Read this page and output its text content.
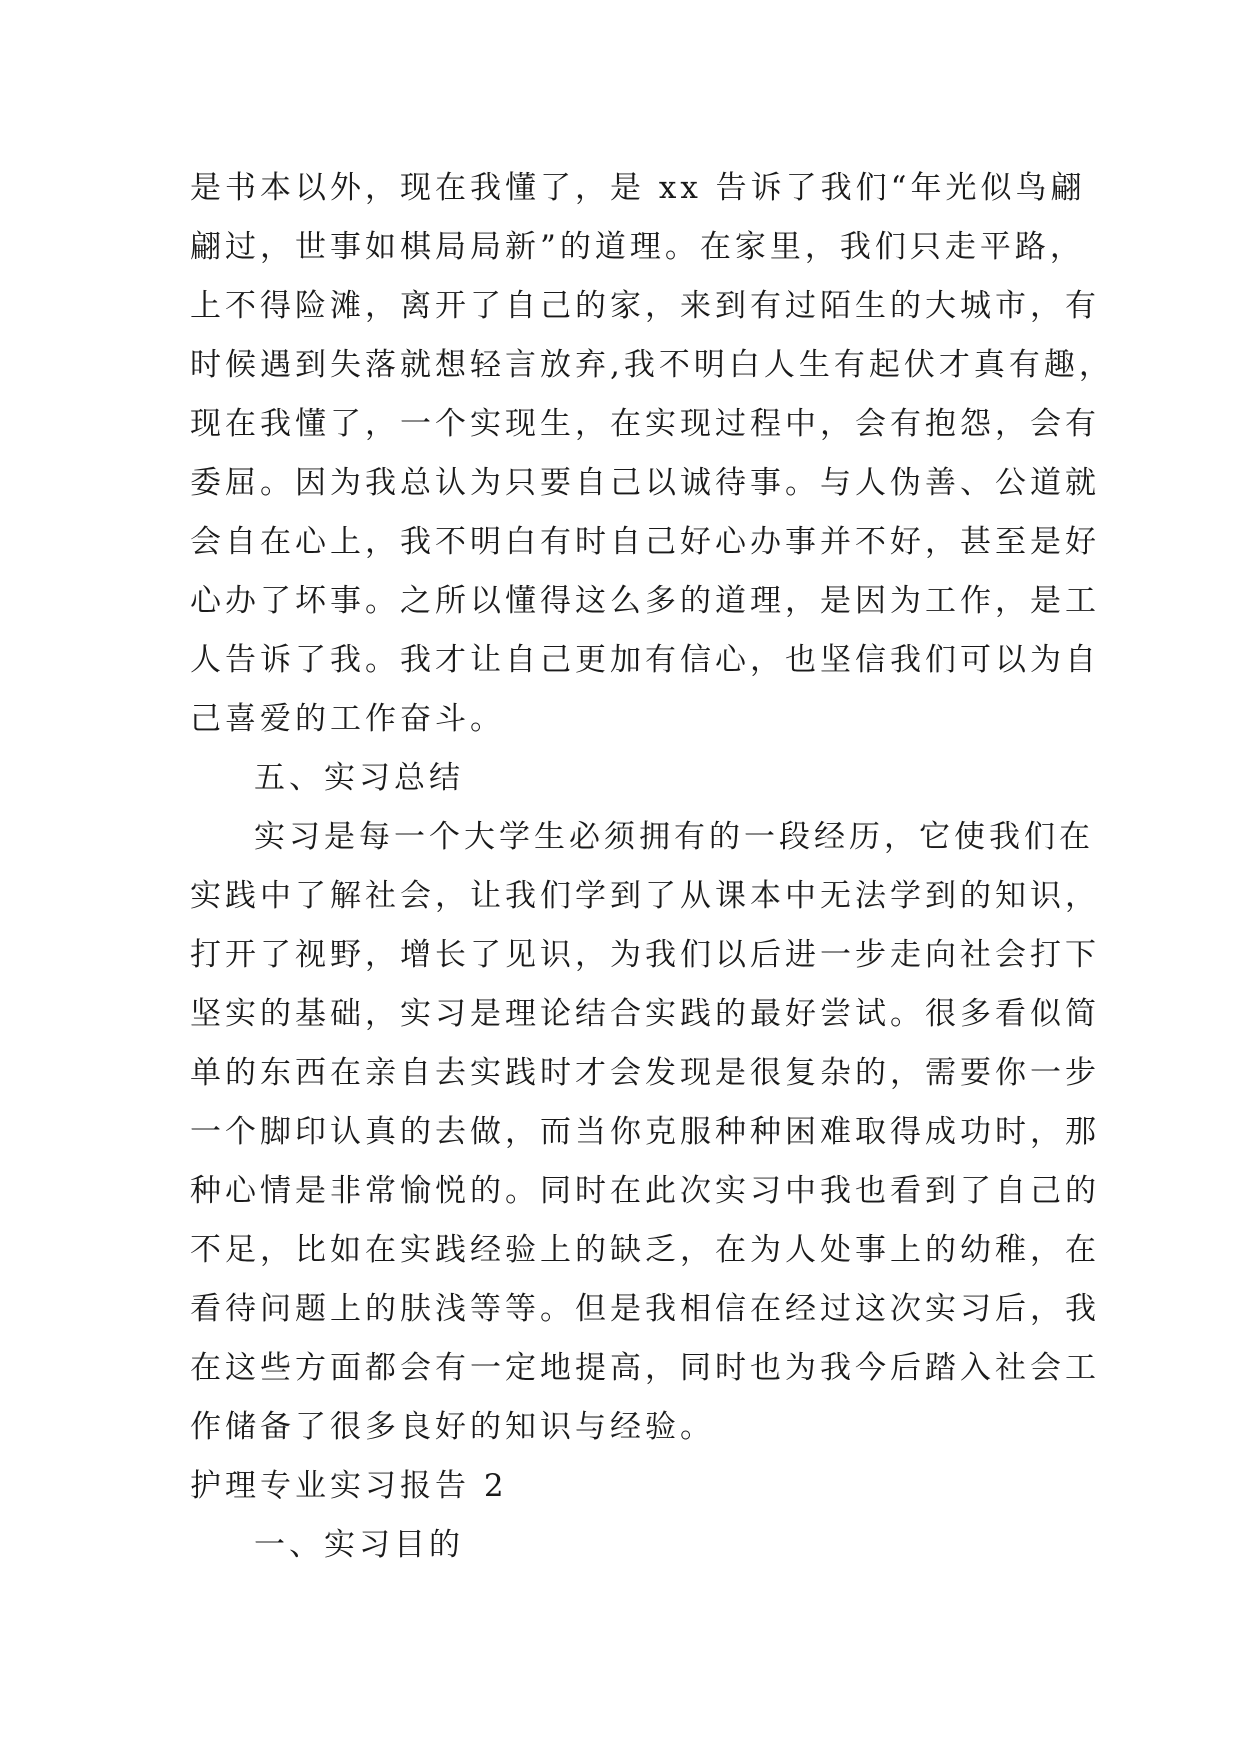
是书本以外，现在我懂了，是 xx 告诉了我们“年光似鸟翩
翩过，世事如棋局局新”的道理。在家里，我们只走平路，
上不得险滩，离开了自己的家，来到有过陌生的大城市，有
时候遇到失落就想轻言放弃,我不明白人生有起伏才真有趣，
现在我懂了，一个实现生，在实现过程中，会有抱怨，会有
委屈。因为我总认为只要自己以诚待事。与人伪善、公道就
会自在心上，我不明白有时自己好心办事并不好，甚至是好
心办了坏事。之所以懂得这么多的道理，是因为工作，是工
人告诉了我。我才让自己更加有信心，也坚信我们可以为自
己喜爱的工作奋斗。
五、实习总结
实习是每一个大学生必须拥有的一段经历，它使我们在
实践中了解社会，让我们学到了从课本中无法学到的知识，
打开了视野，增长了见识，为我们以后进一步走向社会打下
坚实的基础，实习是理论结合实践的最好尝试。很多看似简
单的东西在亲自去实践时才会发现是很复杂的，需要你一步
一个脚印认真的去做，而当你克服种种困难取得成功时，那
种心情是非常愉悦的。同时在此次实习中我也看到了自己的
不足，比如在实践经验上的缺乏，在为人处事上的幼稚，在
看待问题上的肤浅等等。但是我相信在经过这次实习后，我
在这些方面都会有一定地提高，同时也为我今后踏入社会工
作储备了很多良好的知识与经验。
护理专业实习报告 2
一、实习目的
